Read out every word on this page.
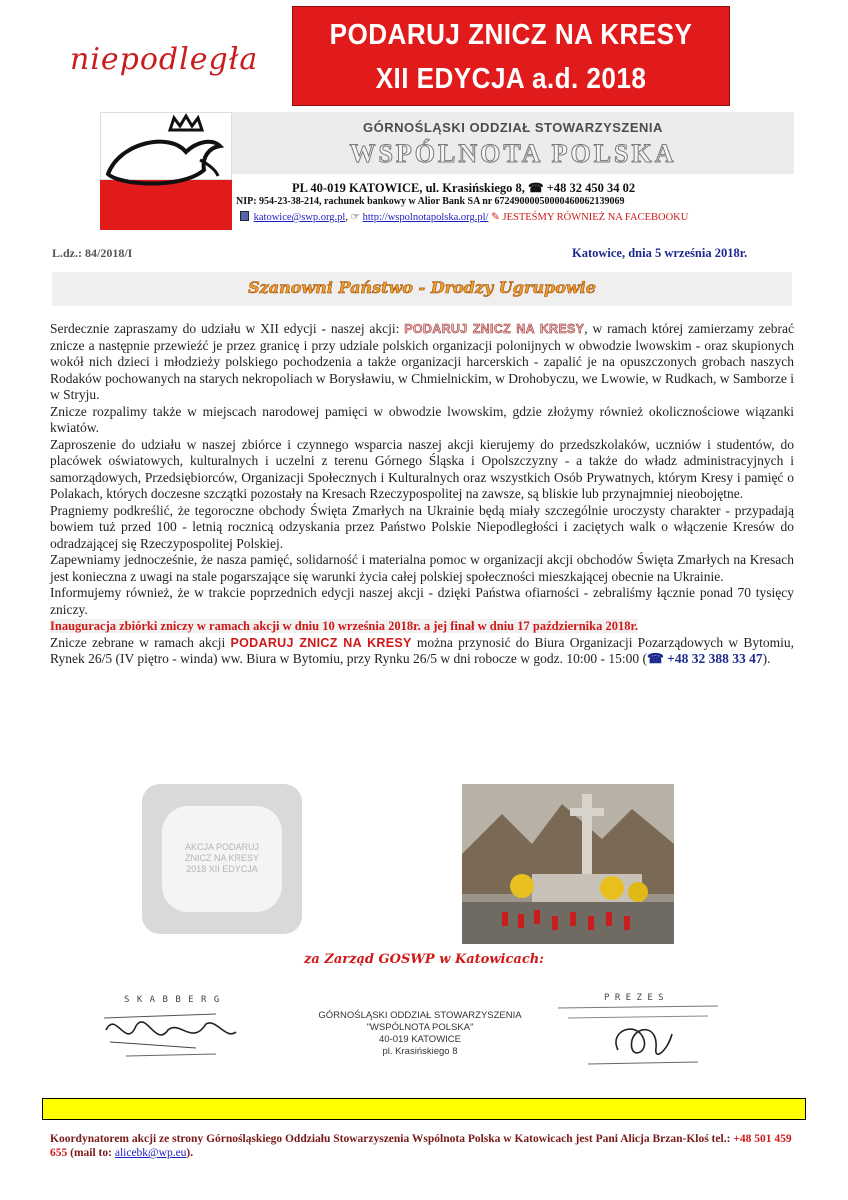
niepodległa
PODARUJ ZNICZ NA KRESY
XII EDYCJA a.d. 2018
GÓRNOŚLĄSKI ODDZIAŁ STOWARZYSZENIA
WSPÓLNOTA POLSKA
PL 40-019 KATOWICE, ul. Krasińskiego 8, ☎ +48 32 450 34 02
NIP: 954-23-38-214, rachunek bankowy w Alior Bank SA nr 67249000050000460062139069
katowice@swp.org.pl, ☞ http://wspolnotapolska.org.pl/ ✎ JESTEŚMY RÓWNIEŻ NA FACEBOOKU
L.dz.: 84/2018/I	Katowice, dnia 5 września 2018r.
Szanowni Państwo - Drodzy Ugrupowie

Serdecznie zapraszamy do udziału w XII edycji - naszej akcji: PODARUJ ZNICZ NA KRESY, w ramach której zamierzamy zebrać znicze a następnie przewieźć je przez granicę i przy udziale polskich organizacji polonijnych w obwodzie lwowskim - oraz skupionych wokół nich dzieci i młodzieży polskiego pochodzenia a także organizacji harcerskich - zapalić je na opuszczonych grobach naszych Rodaków pochowanych na starych nekropoliach w Borysławiu, w Chmielnickim, w Drohobyczu, we Lwowie, w Rudkach, w Samborze i w Stryju.

Znicze rozpalimy także w miejscach narodowej pamięci w obwodzie lwowskim, gdzie złożymy również okolicznościowe wiązanki kwiatów.

Zaproszenie do udziału w naszej zbiórce i czynnego wsparcia naszej akcji kierujemy do przedszkolaków, uczniów i studentów, do placówek oświatowych, kulturalnych i uczelni z terenu Górnego Śląska i Opolszczyzny - a także do władz administracyjnych i samorządowych, Przedsiębiorców, Organizacji Społecznych i Kulturalnych oraz wszystkich Osób Prywatnych, którym Kresy i pamięć o Polakach, których doczesne szczątki pozostały na Kresach Rzeczypospolitej na zawsze, są bliskie lub przynajmniej nieobojętne.

Pragniemy podkreślić, że tegoroczne obchody Święta Zmarłych na Ukrainie będą miały szczególnie uroczysty charakter - przypadają bowiem tuż przed 100 - letnią rocznicą odzyskania przez Państwo Polskie Niepodległości i zaciętych walk o włączenie Kresów do odradzającej się Rzeczypospolitej Polskiej.

Zapewniamy jednocześnie, że nasza pamięć, solidarność i materialna pomoc w organizacji akcji obchodów Święta Zmarłych na Kresach jest konieczna z uwagi na stale pogarszające się warunki życia całej polskiej społeczności mieszkającej obecnie na Ukrainie.

Informujemy również, że w trakcie poprzednich edycji naszej akcji - dzięki Państwa ofiarności - zebraliśmy łącznie ponad 70 tysięcy zniczy.

Inauguracja zbiórki zniczy w ramach akcji w dniu 10 września 2018r. a jej finał w dniu 17 października 2018r.

Znicze zebrane w ramach akcji PODARUJ ZNICZ NA KRESY można przynosić do Biura Organizacji Pozarządowych w Bytomiu, Rynek 26/5 (IV piętro - winda) ww. Biura w Bytomiu, przy Rynku 26/5 w dni robocze w godz. 10:00 - 15:00 (☎ +48 32 388 33 47).

AKCJA PODARUJ
ZNICZ NA KRESY
2018 XII EDYCJA
za Zarząd GOSWP w Katowicach:
S K A B B E R G
GÓRNOŚLĄSKI ODDZIAŁ STOWARZYSZENIA
"WSPÓLNOTA POLSKA"
40-019 KATOWICE
pl. Krasińskiego 8
P R E Z E S
Koordynatorem akcji ze strony Górnośląskiego Oddziału Stowarzyszenia Wspólnota Polska w Katowicach jest Pani Alicja Brzan-Kloś tel.: +48 501 459 655 (mail to: alicebk@wp.eu).
